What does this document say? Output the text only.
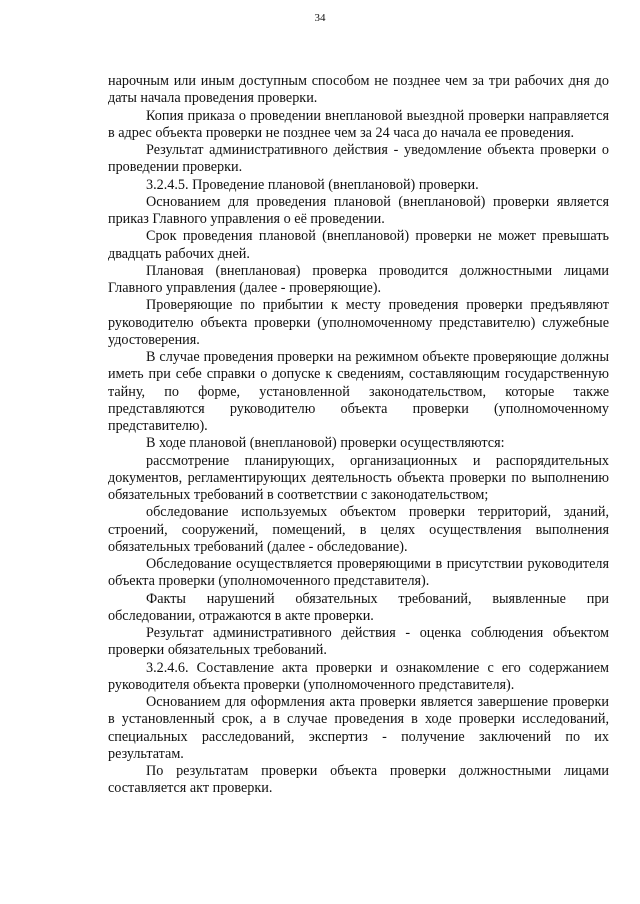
34

нарочным или иным доступным способом не позднее чем за три рабочих дня до даты начала проведения проверки.

Копия приказа о проведении внеплановой выездной проверки направляется в адрес объекта проверки не позднее чем за 24 часа до начала ее проведения.

Результат административного действия - уведомление объекта проверки о проведении проверки.

3.2.4.5. Проведение плановой (внеплановой) проверки.

Основанием для проведения плановой (внеплановой) проверки является приказ Главного управления о её проведении.

Срок проведения плановой (внеплановой) проверки не может превышать двадцать рабочих дней.

Плановая (внеплановая) проверка проводится должностными лицами Главного управления (далее - проверяющие).

Проверяющие по прибытии к месту проведения проверки предъявляют руководителю объекта проверки (уполномоченному представителю) служебные удостоверения.

В случае проведения проверки на режимном объекте проверяющие должны иметь при себе справки о допуске к сведениям, составляющим государственную тайну, по форме, установленной законодательством, которые также представляются руководителю объекта проверки (уполномоченному представителю).

В ходе плановой (внеплановой) проверки осуществляются:

рассмотрение планирующих, организационных и распорядительных документов, регламентирующих деятельность объекта проверки по выполнению обязательных требований в соответствии с законодательством;

обследование используемых объектом проверки территорий, зданий, строений, сооружений, помещений, в целях осуществления выполнения обязательных требований (далее - обследование).

Обследование осуществляется проверяющими в присутствии руководителя объекта проверки (уполномоченного представителя).

Факты нарушений обязательных требований, выявленные при обследовании, отражаются в акте проверки.

Результат административного действия - оценка соблюдения объектом проверки обязательных требований.

3.2.4.6. Составление акта проверки и ознакомление с его содержанием руководителя объекта проверки (уполномоченного представителя).

Основанием для оформления акта проверки является завершение проверки в установленный срок, а в случае проведения в ходе проверки исследований, специальных расследований, экспертиз - получение заключений по их результатам.

По результатам проверки объекта проверки должностными лицами составляется акт проверки.
